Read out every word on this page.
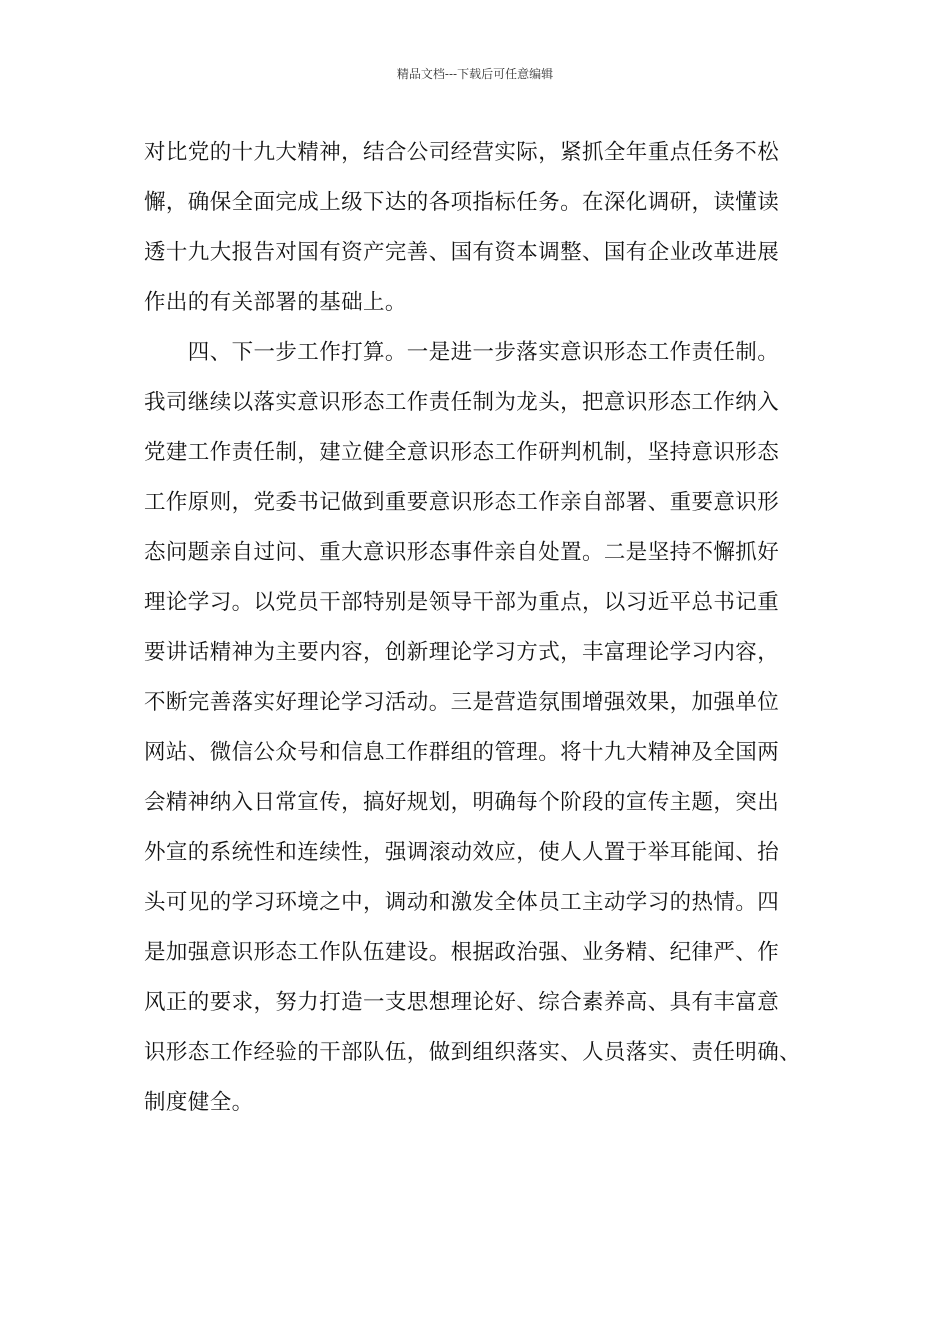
精品文档---下载后可任意编辑
对比党的十九大精神，结合公司经营实际，紧抓全年重点任务不松
懈，确保全面完成上级下达的各项指标任务。在深化调研，读懂读
透十九大报告对国有资产完善、国有资本调整、国有企业改革进展
作出的有关部署的基础上。
　　四、下一步工作打算。一是进一步落实意识形态工作责任制。
我司继续以落实意识形态工作责任制为龙头，把意识形态工作纳入
党建工作责任制，建立健全意识形态工作研判机制，坚持意识形态
工作原则，党委书记做到重要意识形态工作亲自部署、重要意识形
态问题亲自过问、重大意识形态事件亲自处置。二是坚持不懈抓好
理论学习。以党员干部特别是领导干部为重点，以习近平总书记重
要讲话精神为主要内容，创新理论学习方式，丰富理论学习内容，
不断完善落实好理论学习活动。三是营造氛围增强效果，加强单位
网站、微信公众号和信息工作群组的管理。将十九大精神及全国两
会精神纳入日常宣传，搞好规划，明确每个阶段的宣传主题，突出
外宣的系统性和连续性，强调滚动效应，使人人置于举耳能闻、抬
头可见的学习环境之中，调动和激发全体员工主动学习的热情。四
是加强意识形态工作队伍建设。根据政治强、业务精、纪律严、作
风正的要求，努力打造一支思想理论好、综合素养高、具有丰富意
识形态工作经验的干部队伍，做到组织落实、人员落实、责任明确、
制度健全。
